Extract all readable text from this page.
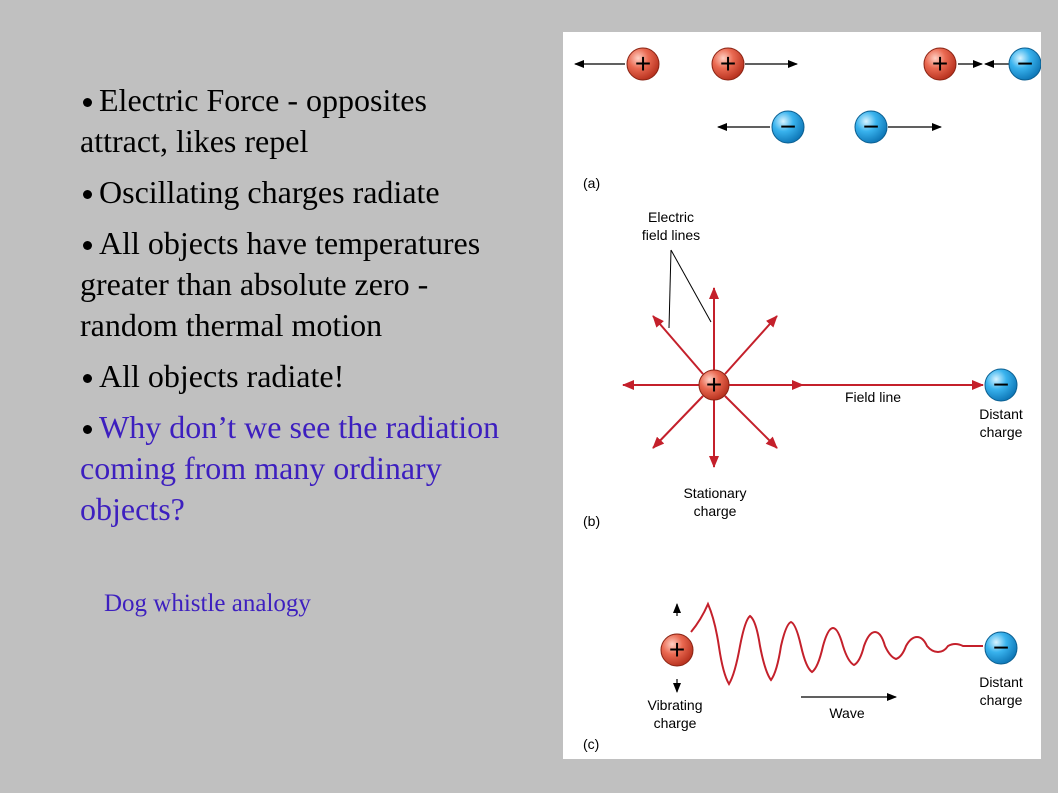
Electric Force - opposites attract, likes repel
Oscillating charges radiate
All objects have temperatures greater than absolute zero - random thermal motion
All objects radiate!
Why don’t we see the radiation coming from many ordinary objects?
Dog whistle analogy
+ +	+ −
− −
(a)
Electric
field lines
+	−
Field line
Distant
charge
Stationary
charge
(b)
+	−
Wave
Vibrating
charge
Distant
charge
(c)
